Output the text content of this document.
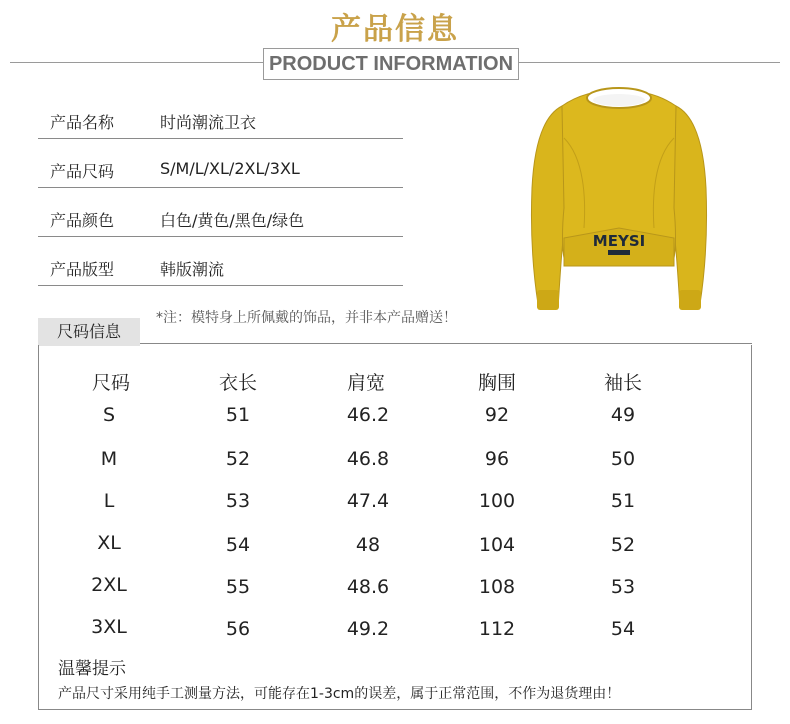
产品信息
PRODUCT INFORMATION
产品名称	时尚潮流卫衣
产品尺码	S/M/L/XL/2XL/3XL
产品颜色	白色/黄色/黑色/绿色
产品版型	韩版潮流
*注：模特身上所佩戴的饰品，并非本产品赠送！
MEYSI
尺码信息
尺码	衣长	肩宽	胸围	袖长
S	51	46.2	92	49
M	52	46.8	96	50
L	53	47.4	100	51
XL	54	48	104	52
2XL	55	48.6	108	53
3XL	56	49.2	112	54
温馨提示
产品尺寸采用纯手工测量方法，可能存在1-3cm的误差，属于正常范围，不作为退货理由！
